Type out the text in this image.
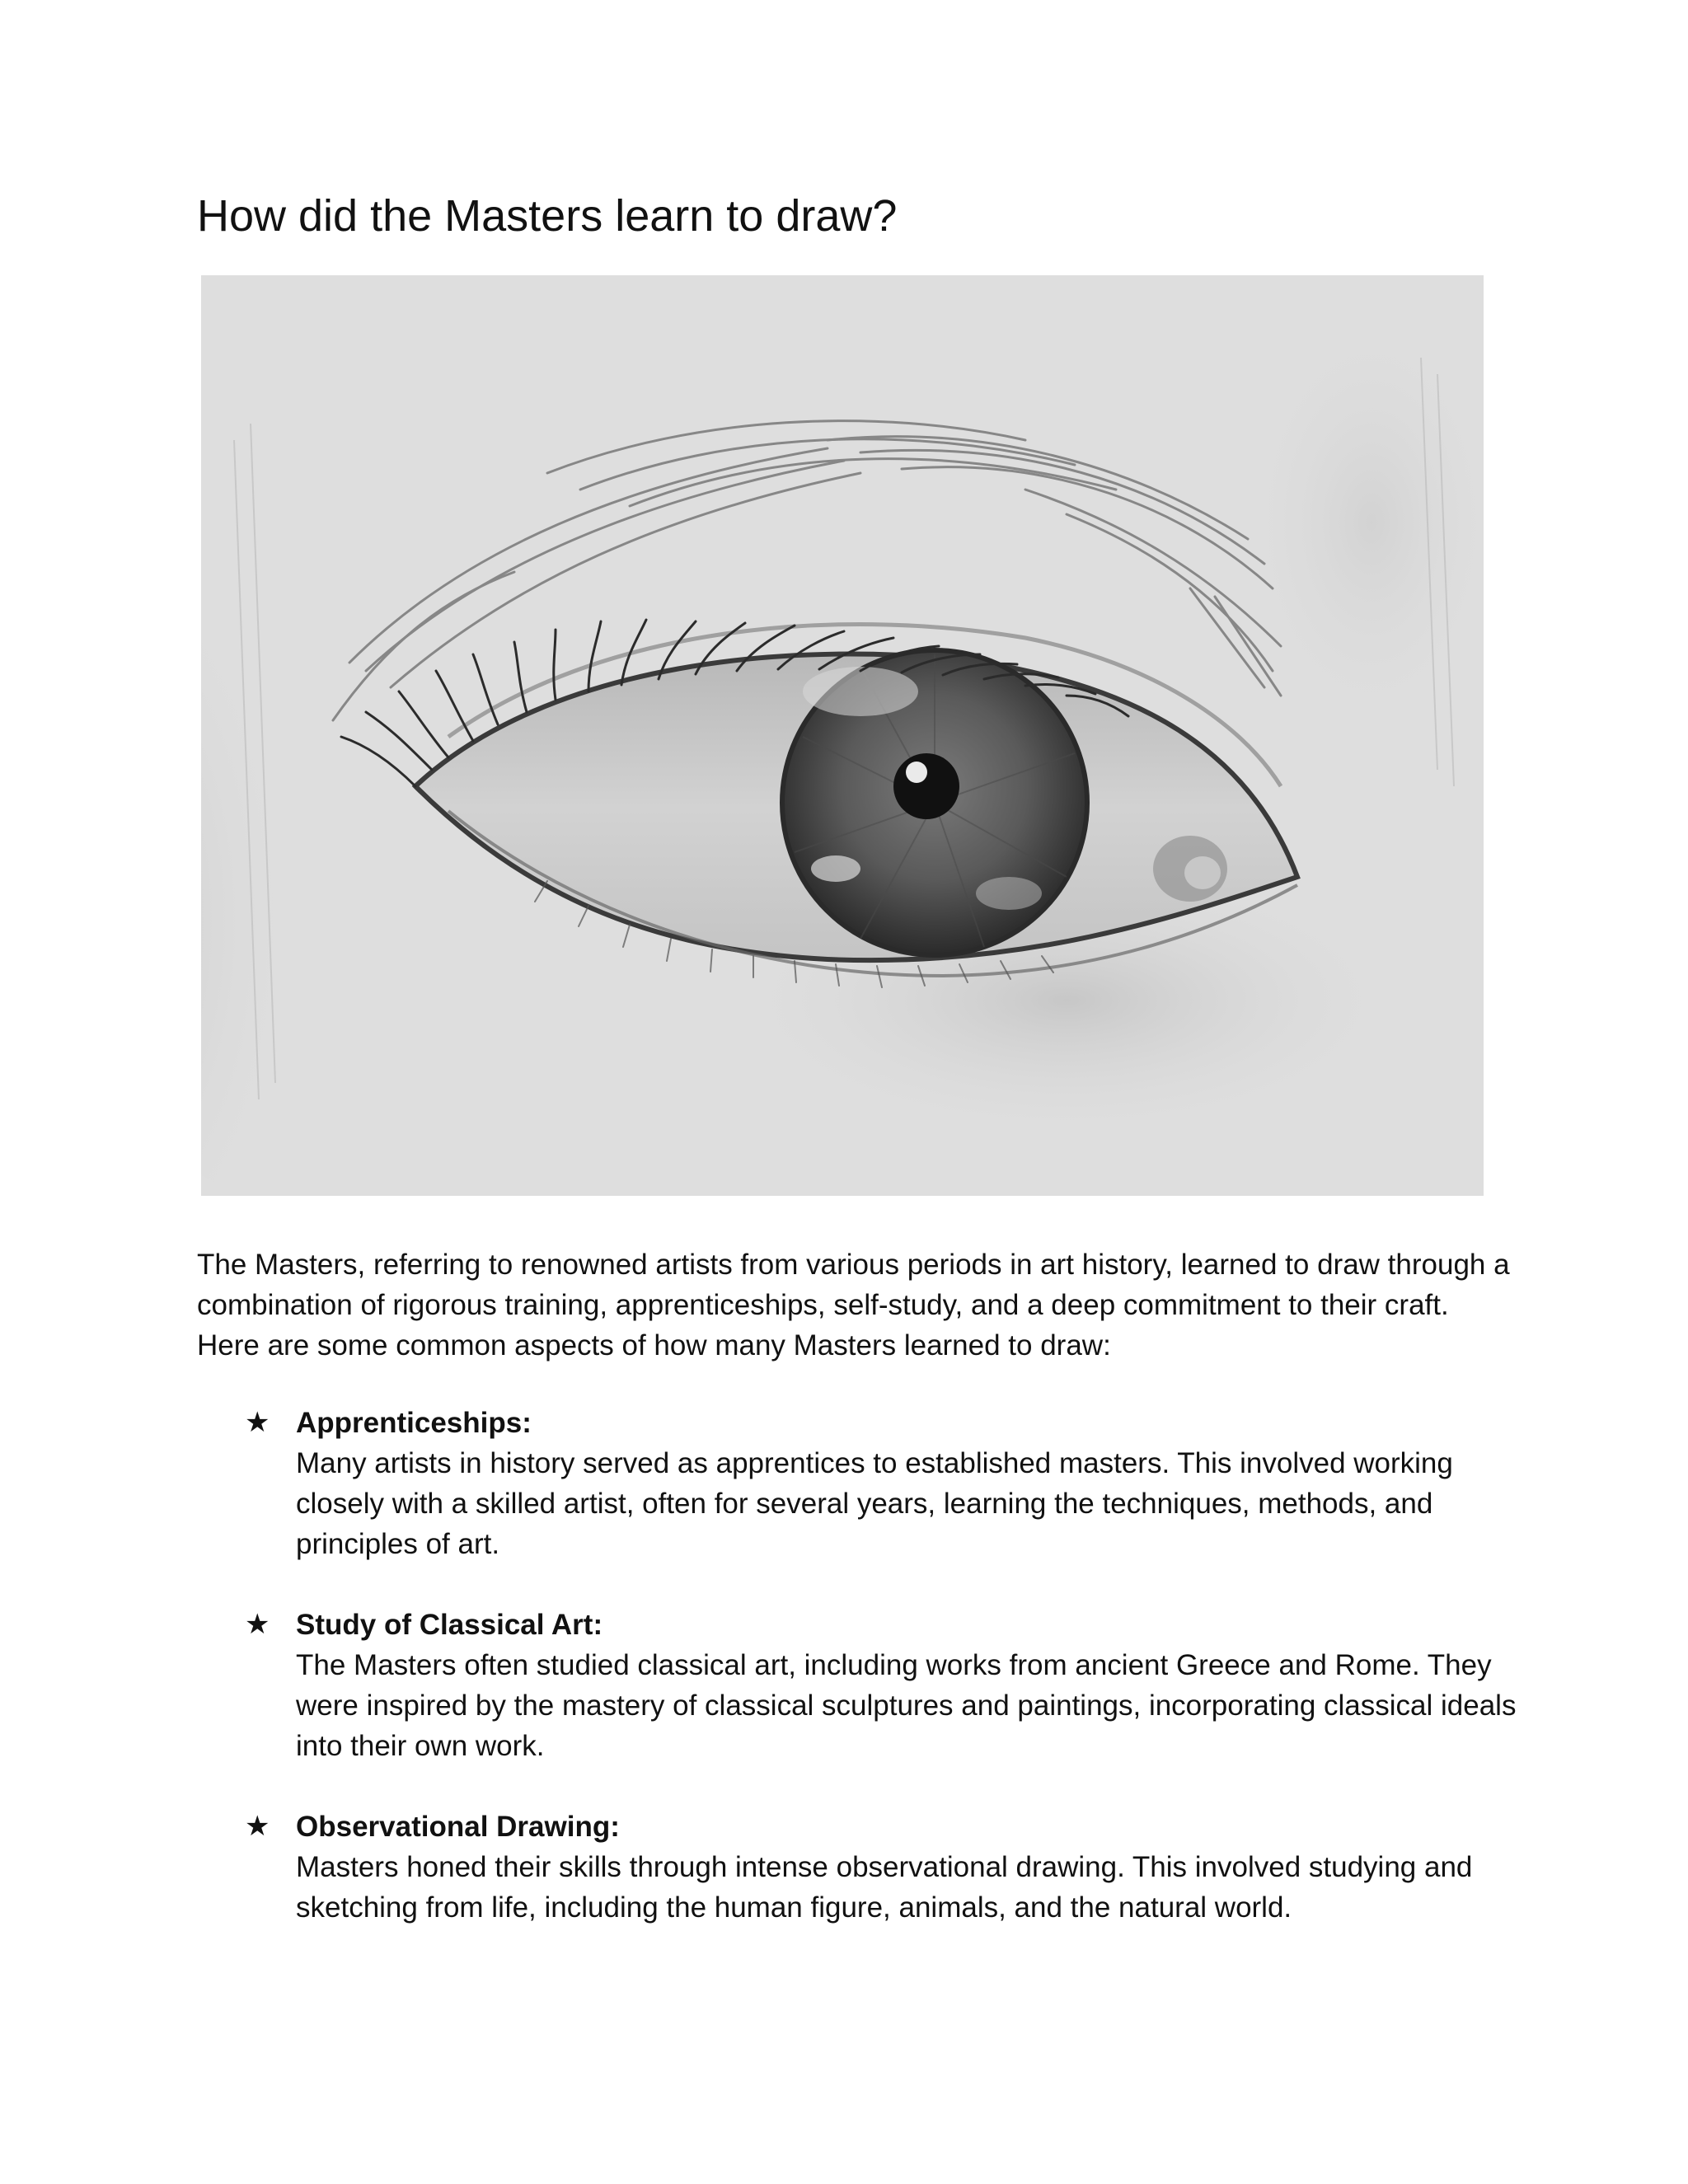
How did the Masters learn to draw?

The Masters, referring to renowned artists from various periods in art history, learned to draw through a combination of rigorous training, apprenticeships, self-study, and a deep commitment to their craft. Here are some common aspects of how many Masters learned to draw:

★ Apprenticeships:
Many artists in history served as apprentices to established masters. This involved working closely with a skilled artist, often for several years, learning the techniques, methods, and principles of art.
★ Study of Classical Art:
The Masters often studied classical art, including works from ancient Greece and Rome. They were inspired by the mastery of classical sculptures and paintings, incorporating classical ideals into their own work.
★ Observational Drawing:
Masters honed their skills through intense observational drawing. This involved studying and sketching from life, including the human figure, animals, and the natural world.
